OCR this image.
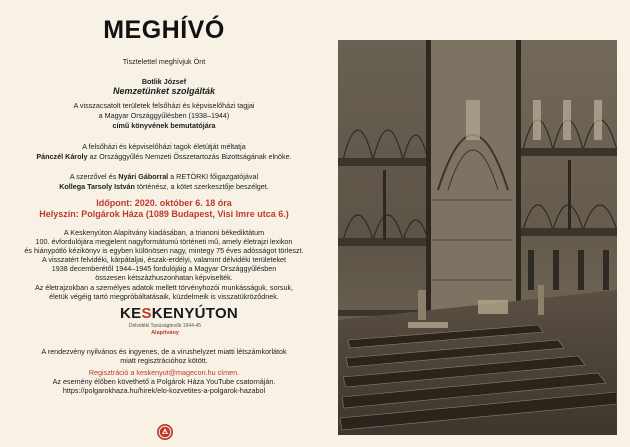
MEGHÍVÓ
Tisztelettel meghívjuk Önt
Botlik József
Nemzetünket szolgálták
A visszacsatolt területek felsőházi és képviselőházi tagjai
a Magyar Országgyűlésben (1938–1944)
című könyvének bemutatójára
A felsőházi és képviselőházi tagok életútját méltatja
Pánczél Károly az Országgyűlés Nemzeti Összetartozás Bizottságának elnöke.
A szerzővel és Nyári Gáborral a RETÖRKI főigazgatójával
Kollega Tarsoly István történész, a kötet szerkesztője beszélget.
Időpont: 2020. október 6. 18 óra
Helyszín: Polgárok Háza (1089 Budapest, Visi Imre utca 6.)
A Keskenyúton Alapítvány kiadásában, a trianoni békediktátum
100. évfordulójára megjelent nagyformátumú történeti mű, amely életrajzi lexikon
és hiánypótló kézikönyv is egyben különösen nagy, mintegy 75 éves adósságot törleszt.
A visszatért felvidéki, kárpátaljai, észak-erdélyi, valamint délvidéki területeket
1938 decemberétől 1944–1945 fordulójáig a Magyar Országgyűlésben
összesen kétszázhuszonhatan képviselték.
Az életrajzokban a személyes adatok mellett törvényhozói munkásságuk, sorsuk,
életük végéig tartó megpróbáltatásaik, küzdelmeik is visszatükröződnek.
KESKENYÚTON
Délvidéki Tanúságtevők 1944-45
Alapítvány
A rendezvény nyilvános és ingyenes, de a vírushelyzet miatti létszámkorlátok
miatt regisztrációhoz kötött.
Regisztráció a keskenyut@magecon.hu címen.
Az esemény élőben követhető a Polgárok Háza YouTube csatornáján.
https://polgarokhaza.hu/hirek/elo-kozvetites-a-polgarok-hazabol
